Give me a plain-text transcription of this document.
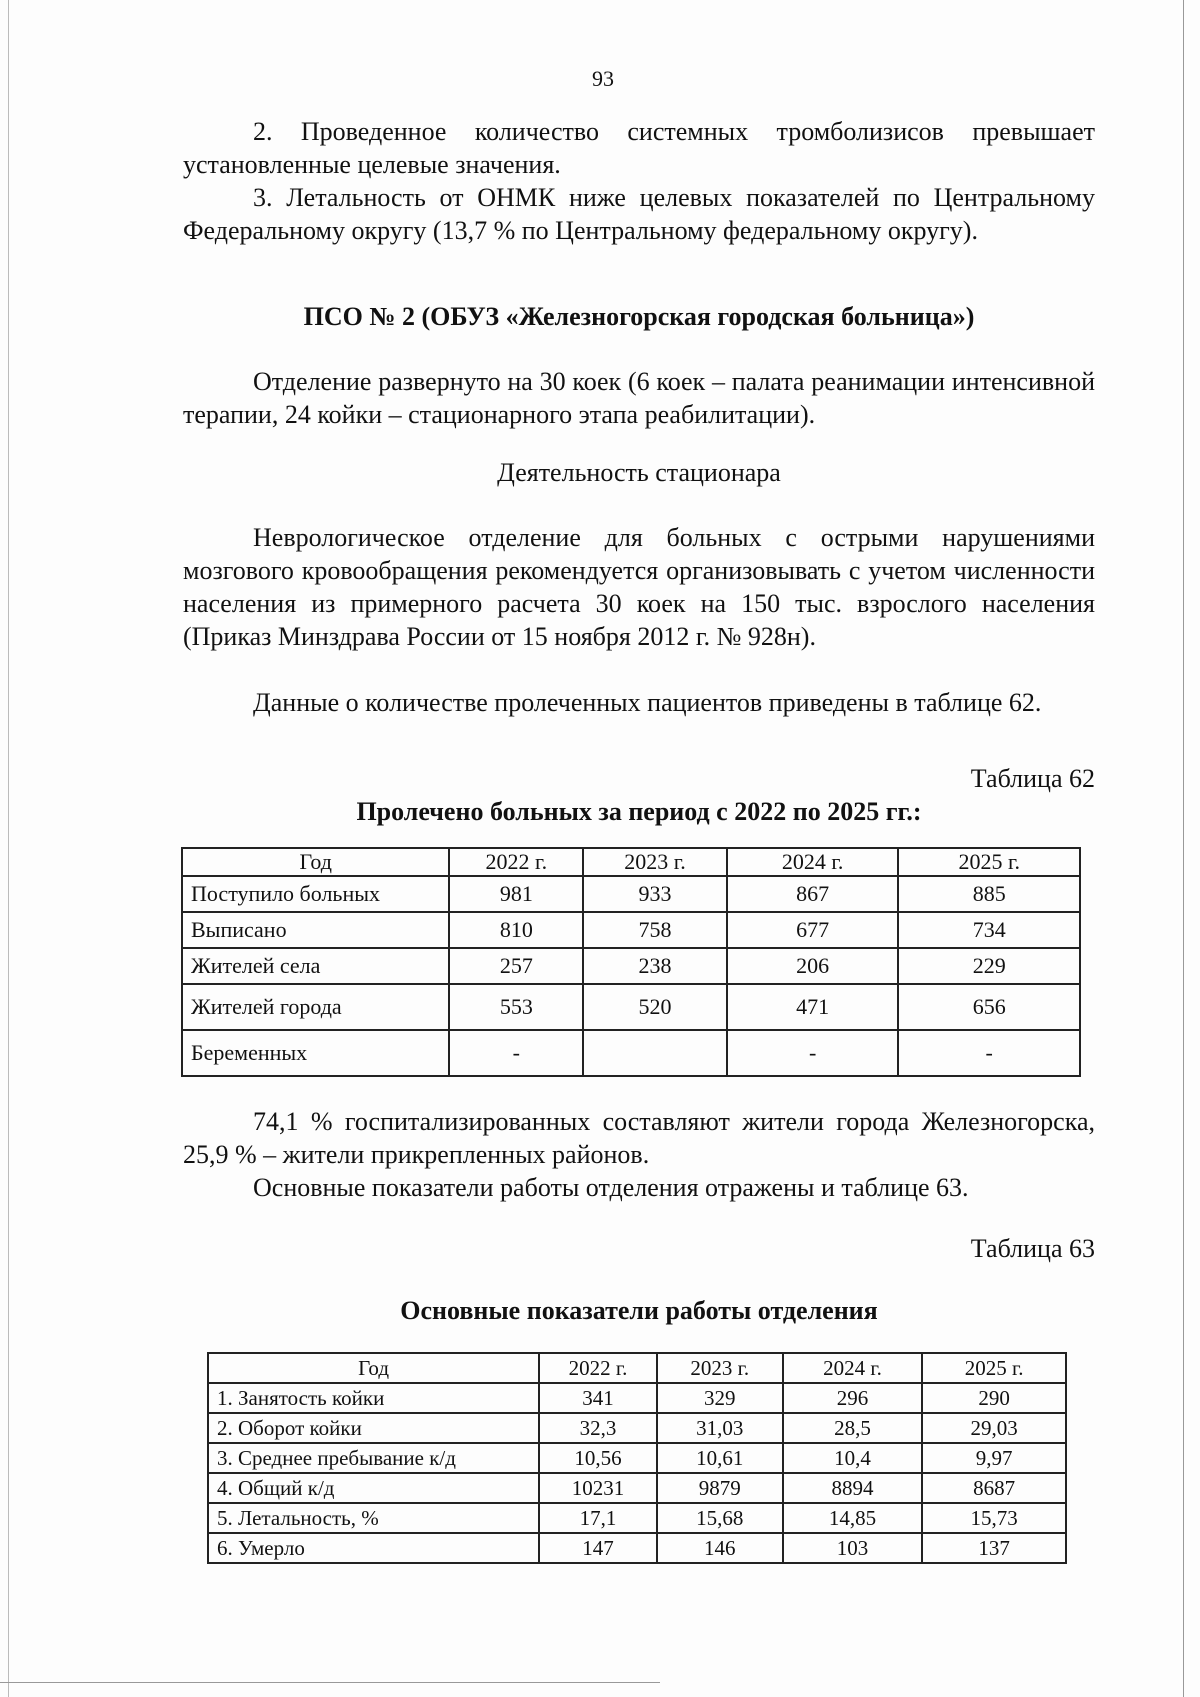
93
2. Проведенное количество системных тромболизисов превышает установленные целевые значения.
3. Летальность от ОНМК ниже целевых показателей по Центральному Федеральному округу (13,7 % по Центральному федеральному округу).
ПСО № 2 (ОБУЗ «Железногорская городская больница»)
Отделение развернуто на 30 коек (6 коек – палата реанимации интенсивной терапии, 24 койки – стационарного этапа реабилитации).
Деятельность стационара
Неврологическое отделение для больных с острыми нарушениями мозгового кровообращения рекомендуется организовывать с учетом численности населения из примерного расчета 30 коек на 150 тыс. взрослого населения (Приказ Минздрава России от 15 ноября 2012 г. № 928н).
Данные о количестве пролеченных пациентов приведены в таблице 62.
Таблица 62
Пролечено больных за период с 2022 по 2025 гг.:
Год	2022 г.	2023 г.	2024 г.	2025 г.
Поступило больных	981	933	867	885
Выписано	810	758	677	734
Жителей села	257	238	206	229
Жителей города	553	520	471	656
Беременных	-		-	-
74,1 % госпитализированных составляют жители города Железногорска, 25,9 % – жители прикрепленных районов.
Основные показатели работы отделения отражены и таблице 63.
Таблица 63
Основные показатели работы отделения
Год	2022 г.	2023 г.	2024 г.	2025 г.
1. Занятость койки	341	329	296	290
2. Оборот койки	32,3	31,03	28,5	29,03
3. Среднее пребывание к/д	10,56	10,61	10,4	9,97
4. Общий к/д	10231	9879	8894	8687
5. Летальность, %	17,1	15,68	14,85	15,73
6. Умерло	147	146	103	137
